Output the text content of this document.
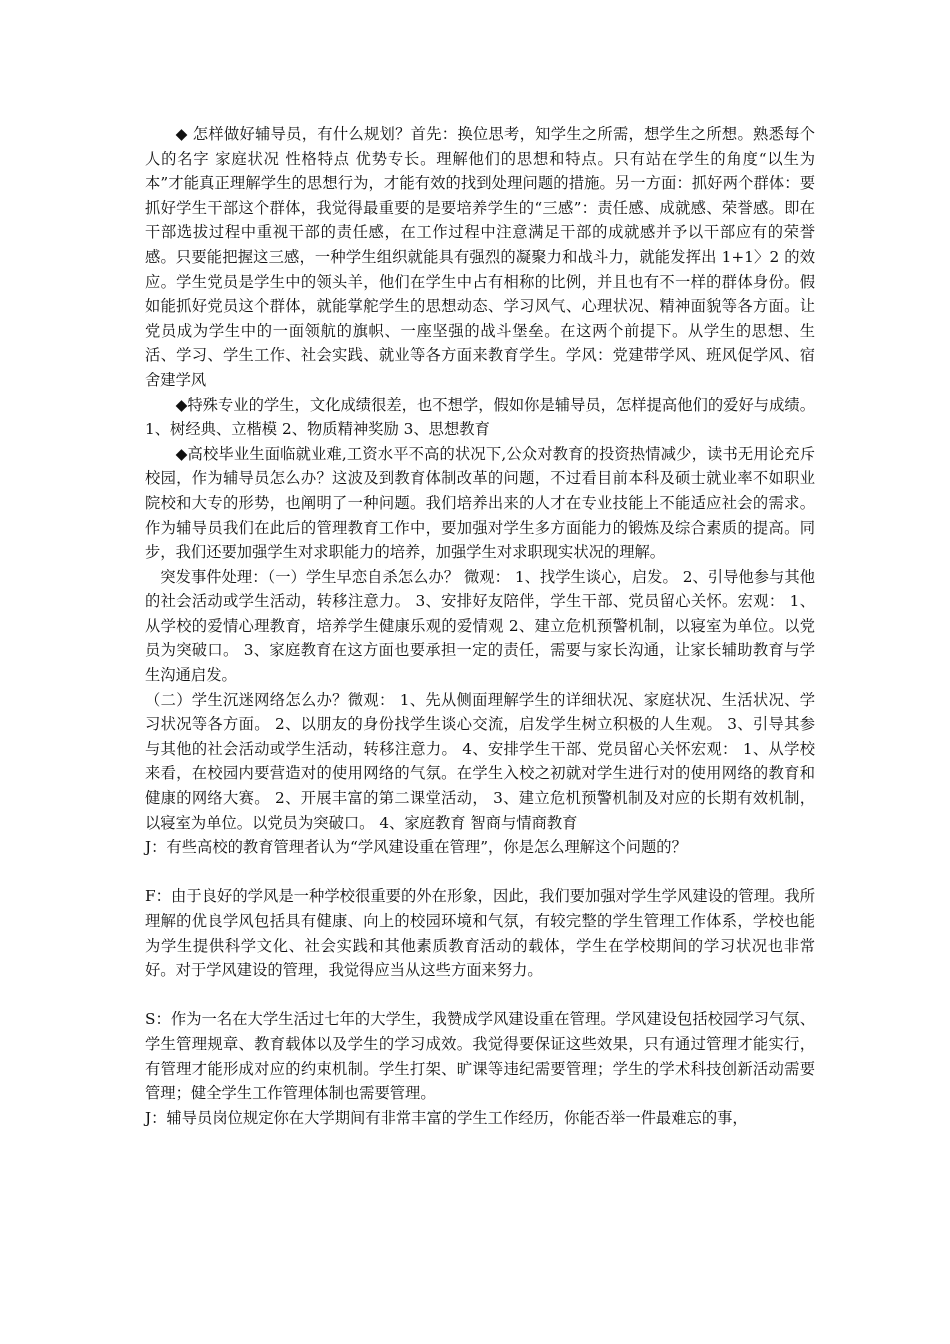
◆ 怎样做好辅导员，有什么规划？首先：换位思考，知学生之所需，想学生之所想。熟悉每个人的名字 家庭状况 性格特点 优势专长。理解他们的思想和特点。只有站在学生的角度“以生为本”才能真正理解学生的思想行为，才能有效的找到处理问题的措施。另一方面：抓好两个群体：要抓好学生干部这个群体，我觉得最重要的是要培养学生的“三感”：责任感、成就感、荣誉感。即在干部选拔过程中重视干部的责任感，在工作过程中注意满足干部的成就感并予以干部应有的荣誉感。只要能把握这三感，一种学生组织就能具有强烈的凝聚力和战斗力，就能发挥出 1+1〉2 的效应。学生党员是学生中的领头羊，他们在学生中占有相称的比例，并且也有不一样的群体身份。假如能抓好党员这个群体，就能掌舵学生的思想动态、学习风气、心理状况、精神面貌等各方面。让党员成为学生中的一面领航的旗帜、一座坚强的战斗堡垒。在这两个前提下。从学生的思想、生活、学习、学生工作、社会实践、就业等各方面来教育学生。学风：党建带学风、班风促学风、宿舍建学风

◆特殊专业的学生，文化成绩很差，也不想学，假如你是辅导员，怎样提高他们的爱好与成绩。 1、树经典、立楷模 2、物质精神奖励 3、思想教育

◆高校毕业生面临就业难,工资水平不高的状况下,公众对教育的投资热情减少，读书无用论充斥校园，作为辅导员怎么办？这波及到教育体制改革的问题，不过看目前本科及硕士就业率不如职业院校和大专的形势，也阐明了一种问题。我们培养出来的人才在专业技能上不能适应社会的需求。作为辅导员我们在此后的管理教育工作中，要加强对学生多方面能力的锻炼及综合素质的提高。同步，我们还要加强学生对求职能力的培养，加强学生对求职现实状况的理解。

突发事件处理：（一）学生早恋自杀怎么办？ 微观： 1、找学生谈心，启发。 2、引导他参与其他的社会活动或学生活动，转移注意力。 3、安排好友陪伴，学生干部、党员留心关怀。宏观： 1、从学校的爱情心理教育，培养学生健康乐观的爱情观 2、建立危机预警机制，以寝室为单位。以党员为突破口。 3、家庭教育在这方面也要承担一定的责任，需要与家长沟通，让家长辅助教育与学生沟通启发。

（二）学生沉迷网络怎么办？微观： 1、先从侧面理解学生的详细状况、家庭状况、生活状况、学习状况等各方面。 2、以朋友的身份找学生谈心交流，启发学生树立积极的人生观。 3、引导其参与其他的社会活动或学生活动，转移注意力。 4、安排学生干部、党员留心关怀宏观： 1、从学校来看，在校园内要营造对的使用网络的气氛。在学生入校之初就对学生进行对的使用网络的教育和健康的网络大赛。 2、开展丰富的第二课堂活动， 3、建立危机预警机制及对应的长期有效机制，以寝室为单位。以党员为突破口。 4、家庭教育 智商与情商教育

J：有些高校的教育管理者认为“学风建设重在管理”，你是怎么理解这个问题的？

F：由于良好的学风是一种学校很重要的外在形象，因此，我们要加强对学生学风建设的管理。我所理解的优良学风包括具有健康、向上的校园环境和气氛，有较完整的学生管理工作体系，学校也能为学生提供科学文化、社会实践和其他素质教育活动的载体，学生在学校期间的学习状况也非常好。对于学风建设的管理，我觉得应当从这些方面来努力。

S：作为一名在大学生活过七年的大学生，我赞成学风建设重在管理。学风建设包括校园学习气氛、学生管理规章、教育载体以及学生的学习成效。我觉得要保证这些效果，只有通过管理才能实行，有管理才能形成对应的约束机制。学生打架、旷课等违纪需要管理；学生的学术科技创新活动需要管理；健全学生工作管理体制也需要管理。

J：辅导员岗位规定你在大学期间有非常丰富的学生工作经历，你能否举一件最难忘的事，
